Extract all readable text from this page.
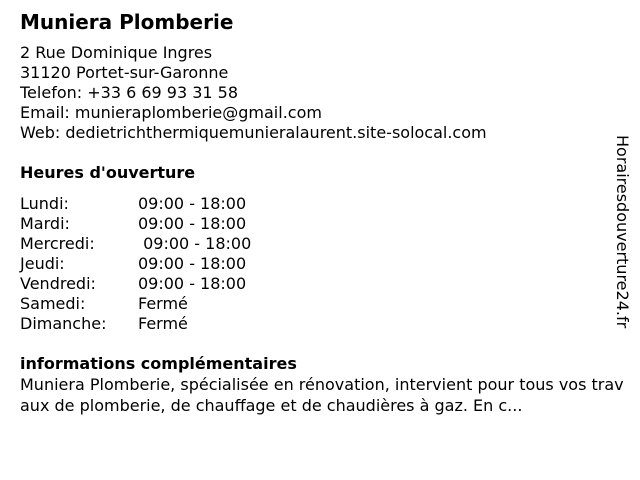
Muniera Plomberie
2 Rue Dominique Ingres
31120 Portet-sur-Garonne
Telefon: +33 6 69 93 31 58
Email: munieraplomberie@gmail.com
Web: dedietrichthermiquemunieralaurent.site-solocal.com
Heures d'ouverture
Lundi:	09:00 - 18:00
Mardi:	09:00 - 18:00
Mercredi:	09:00 - 18:00
Jeudi:	09:00 - 18:00
Vendredi:	09:00 - 18:00
Samedi:	Fermé
Dimanche:	Fermé
informations complémentaires
Muniera Plomberie, spécialisée en rénovation, intervient pour tous vos travaux de plomberie, de chauffage et de chaudières à gaz. En c...
Horairesdouverture24.fr
